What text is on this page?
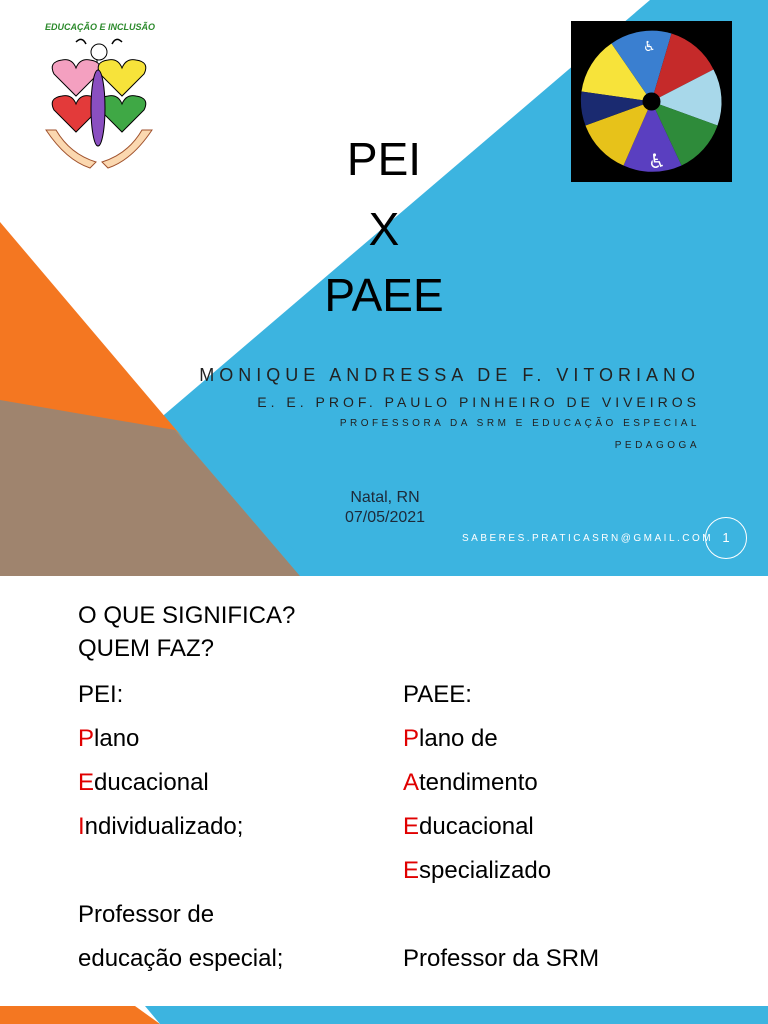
EDUCAÇÃO E INCLUSÃO
♿
♿
PEI
X
PAEE
MONIQUE ANDRESSA DE F. VITORIANO
E. E. PROF. PAULO PINHEIRO DE VIVEIROS
PROFESSORA DA SRM E EDUCAÇÃO ESPECIAL
PEDAGOGA
Natal, RN
07/05/2021
SABERES.PRATICASRN@GMAIL.COM 1
O QUE SIGNIFICA?
QUEM FAZ?
PEI:
Plano
Educacional
Individualizado;
Professor de
educação especial;
PAEE:
Plano de
Atendimento
Educacional
Especializado
Professor da SRM
